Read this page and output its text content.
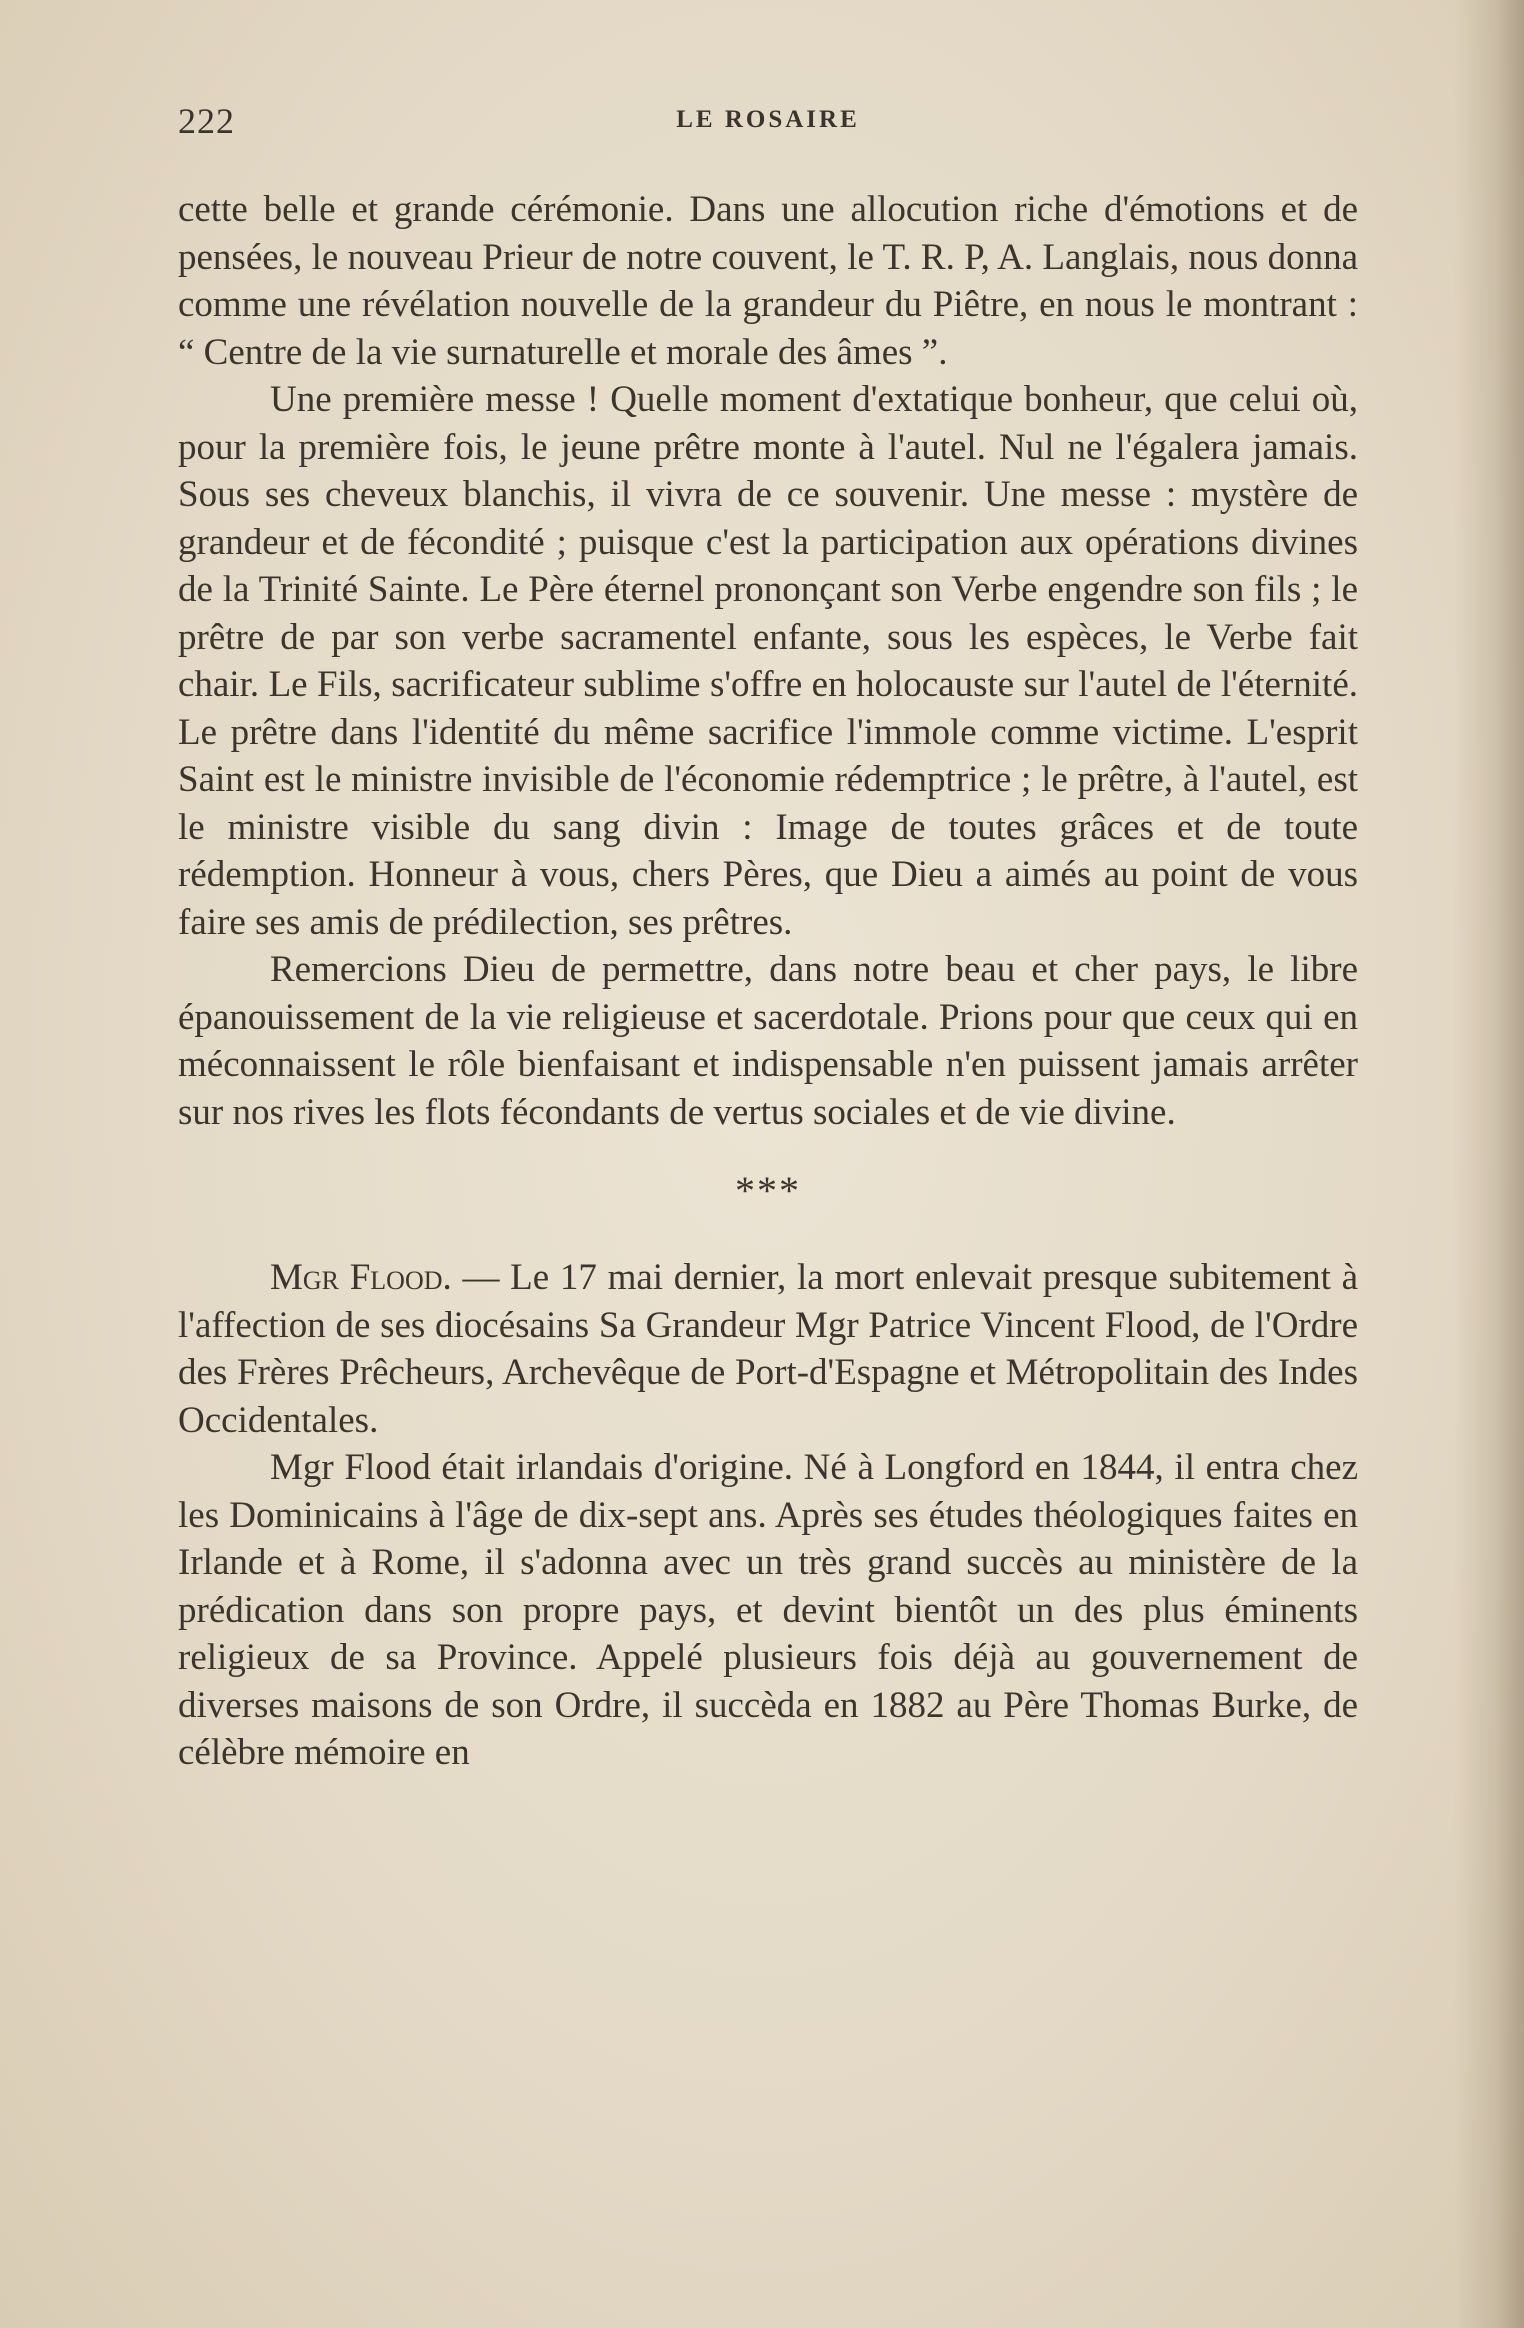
222	LE ROSAIRE

cette belle et grande cérémonie. Dans une allocution riche d'émotions et de pensées, le nouveau Prieur de notre couvent, le T. R. P, A. Langlais, nous donna comme une révélation nouvelle de la grandeur du Piêtre, en nous le montrant : “ Centre de la vie surnaturelle et morale des âmes ”.

Une première messe ! Quelle moment d'extatique bonheur, que celui où, pour la première fois, le jeune prêtre monte à l'autel. Nul ne l'égalera jamais. Sous ses cheveux blanchis, il vivra de ce souvenir. Une messe : mystère de grandeur et de fécondité ; puisque c'est la participation aux opérations divines de la Trinité Sainte. Le Père éternel prononçant son Verbe engendre son fils ; le prêtre de par son verbe sacramentel enfante, sous les espèces, le Verbe fait chair. Le Fils, sacrificateur sublime s'offre en holocauste sur l'autel de l'éternité. Le prêtre dans l'identité du même sacrifice l'immole comme victime. L'esprit Saint est le ministre invisible de l'économie rédemptrice ; le prêtre, à l'autel, est le ministre visible du sang divin : Image de toutes grâces et de toute rédemption. Honneur à vous, chers Pères, que Dieu a aimés au point de vous faire ses amis de prédilection, ses prêtres.

Remercions Dieu de permettre, dans notre beau et cher pays, le libre épanouissement de la vie religieuse et sacerdotale. Prions pour que ceux qui en méconnaissent le rôle bienfaisant et indispensable n'en puissent jamais arrêter sur nos rives les flots fécondants de vertus sociales et de vie divine.

***

Mgr Flood. — Le 17 mai dernier, la mort enlevait presque subitement à l'affection de ses diocésains Sa Grandeur Mgr Patrice Vincent Flood, de l'Ordre des Frères Prêcheurs, Archevêque de Port-d'Espagne et Métropolitain des Indes Occidentales.

Mgr Flood était irlandais d'origine. Né à Longford en 1844, il entra chez les Dominicains à l'âge de dix-sept ans. Après ses études théologiques faites en Irlande et à Rome, il s'adonna avec un très grand succès au ministère de la prédication dans son propre pays, et devint bientôt un des plus éminents religieux de sa Province. Appelé plusieurs fois déjà au gouvernement de diverses maisons de son Ordre, il succèda en 1882 au Père Thomas Burke, de célèbre mémoire en
